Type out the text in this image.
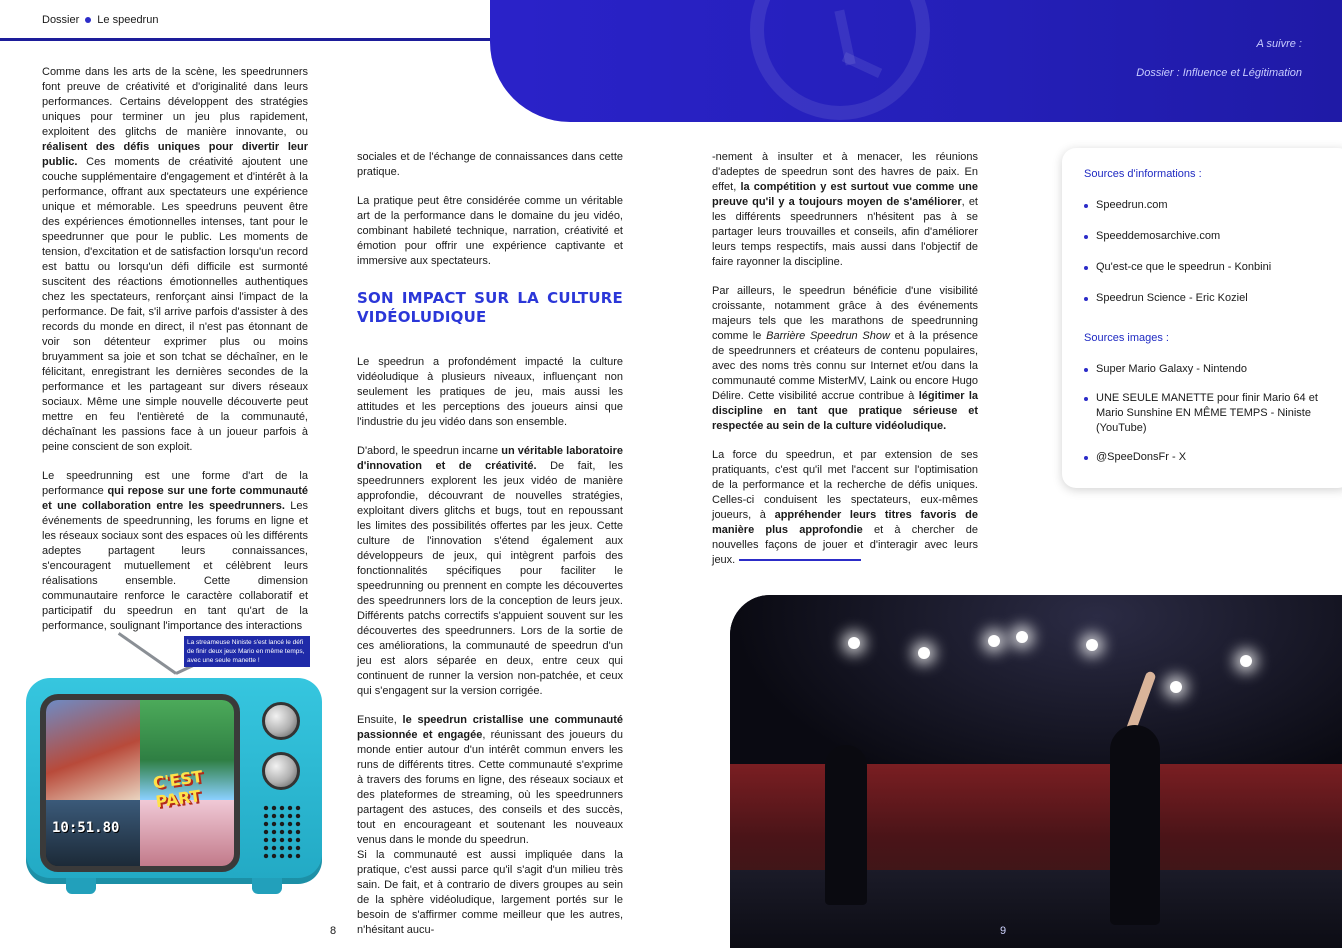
Dossier Le speedrun

Comme dans les arts de la scène, les speedrunners font preuve de créativité et d'originalité dans leurs performances. Certains développent des stratégies uniques pour terminer un jeu plus rapidement, exploitent des glitchs de manière innovante, ou réalisent des défis uniques pour divertir leur public. Ces moments de créativité ajoutent une couche supplémentaire d'engagement et d'intérêt à la performance, offrant aux spectateurs une expérience unique et mémorable. Les speedruns peuvent être des expériences émotionnelles intenses, tant pour le speedrunner que pour le public. Les moments de tension, d'excitation et de satisfaction lorsqu'un record est battu ou lorsqu'un défi difficile est surmonté suscitent des réactions émotionnelles authentiques chez les spectateurs, renforçant ainsi l'impact de la performance. De fait, s'il arrive parfois d'assister à des records du monde en direct, il n'est pas étonnant de voir son détenteur exprimer plus ou moins bruyamment sa joie et son tchat se déchaîner, en le félicitant, enregistrant les dernières secondes de la performance et les partageant sur divers réseaux sociaux. Même une simple nouvelle découverte peut mettre en feu l'entièreté de la communauté, déchaînant les passions face à un joueur parfois à peine conscient de son exploit.

Le speedrunning est une forme d'art de la performance qui repose sur une forte communauté et une collaboration entre les speedrunners. Les événements de speedrunning, les forums en ligne et les réseaux sociaux sont des espaces où les différents adeptes partagent leurs connaissances, s'encouragent mutuellement et célèbrent leurs réalisations ensemble. Cette dimension communautaire renforce le caractère collaboratif et participatif du speedrun en tant qu'art de la performance, soulignant l'importance des interactions

sociales et de l'échange de connaissances dans cette pratique.

La pratique peut être considérée comme un véritable art de la performance dans le domaine du jeu vidéo, combinant habileté technique, narration, créativité et émotion pour offrir une expérience captivante et immersive aux spectateurs.

SON IMPACT SUR LA CULTURE VIDÉOLUDIQUE

Le speedrun a profondément impacté la culture vidéoludique à plusieurs niveaux, influençant non seulement les pratiques de jeu, mais aussi les attitudes et les perceptions des joueurs ainsi que l'industrie du jeu vidéo dans son ensemble.

D'abord, le speedrun incarne un véritable laboratoire d'innovation et de créativité. De fait, les speedrunners explorent les jeux vidéo de manière approfondie, découvrant de nouvelles stratégies, exploitant divers glitchs et bugs, tout en repoussant les limites des possibilités offertes par les jeux. Cette culture de l'innovation s'étend également aux développeurs de jeux, qui intègrent parfois des fonctionnalités spécifiques pour faciliter le speedrunning ou prennent en compte les découvertes des speedrunners lors de la conception de leurs jeux. Différents patchs correctifs s'appuient souvent sur les découvertes des speedrunners. Lors de la sortie de ces améliorations, la communauté de speedrun d'un jeu est alors séparée en deux, entre ceux qui continuent de runner la version non-patchée, et ceux qui s'engagent sur la version corrigée.

Ensuite, le speedrun cristallise une communauté passionnée et engagée, réunissant des joueurs du monde entier autour d'un intérêt commun envers les runs de différents titres. Cette communauté s'exprime à travers des forums en ligne, des réseaux sociaux et des plateformes de streaming, où les speedrunners partagent des astuces, des conseils et des succès, tout en encourageant et soutenant les nouveaux venus dans le monde du speedrun.

Si la communauté est aussi impliquée dans la pratique, c'est aussi parce qu'il s'agit d'un milieu très sain. De fait, et à contrario de divers groupes au sein de la sphère vidéoludique, largement portés sur le besoin de s'affirmer comme meilleur que les autres, n'hésitant aucu-

La streameuse Niniste s'est lancé le défi de finir deux jeux Mario en même temps, avec une seule manette !
C'EST PART
10:51.80
8
A suivre :
Dossier : Influence et Légitimation

-nement à insulter et à menacer, les réunions d'adeptes de speedrun sont des havres de paix. En effet, la compétition y est surtout vue comme une preuve qu'il y a toujours moyen de s'améliorer, et les différents speedrunners n'hésitent pas à se partager leurs trouvailles et conseils, afin d'améliorer leurs temps respectifs, mais aussi dans l'objectif de faire rayonner la discipline.

Par ailleurs, le speedrun bénéficie d'une visibilité croissante, notamment grâce à des événements majeurs tels que les marathons de speedrunning comme le Barrière Speedrun Show et à la présence de speedrunners et créateurs de contenu populaires, avec des noms très connu sur Internet et/ou dans la communauté comme MisterMV, Laink ou encore Hugo Délire. Cette visibilité accrue contribue à légitimer la discipline en tant que pratique sérieuse et respectée au sein de la culture vidéoludique.

La force du speedrun, et par extension de ses pratiquants, c'est qu'il met l'accent sur l'optimisation de la performance et la recherche de défis uniques. Celles-ci conduisent les spectateurs, eux-mêmes joueurs, à appréhender leurs titres favoris de manière plus approfondie et à chercher de nouvelles façons de jouer et d'interagir avec leurs jeux.

Sources d'informations :
Speedrun.com
Speeddemosarchive.com
Qu'est-ce que le speedrun - Konbini
Speedrun Science - Eric Koziel
Sources images :
Super Mario Galaxy - Nintendo
UNE SEULE MANETTE pour finir Mario 64 et Mario Sunshine EN MÊME TEMPS - Niniste (YouTube)
@SpeeDonsFr - X
9
